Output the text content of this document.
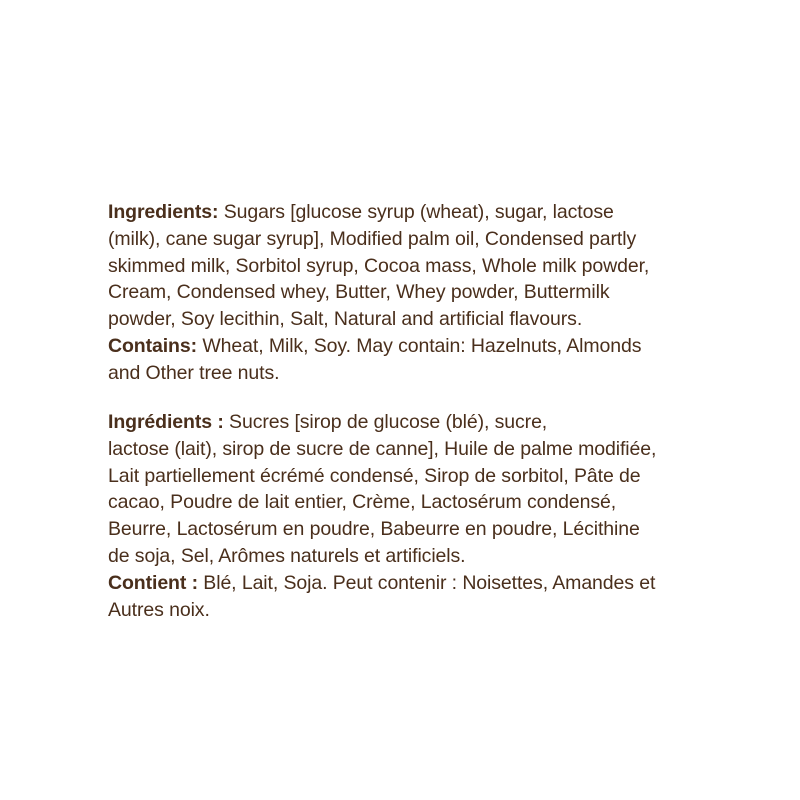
Ingredients: Sugars [glucose syrup (wheat), sugar, lactose
(milk), cane sugar syrup], Modified palm oil, Condensed partly
skimmed milk, Sorbitol syrup, Cocoa mass, Whole milk powder,
Cream, Condensed whey, Butter, Whey powder, Buttermilk
powder, Soy lecithin, Salt, Natural and artificial flavours.
Contains: Wheat, Milk, Soy. May contain: Hazelnuts, Almonds
and Other tree nuts.
Ingrédients : Sucres [sirop de glucose (blé), sucre,
lactose (lait), sirop de sucre de canne], Huile de palme modifiée,
Lait partiellement écrémé condensé, Sirop de sorbitol, Pâte de
cacao, Poudre de lait entier, Crème, Lactosérum condensé,
Beurre, Lactosérum en poudre, Babeurre en poudre, Lécithine
de soja, Sel, Arômes naturels et artificiels.
Contient : Blé, Lait, Soja. Peut contenir : Noisettes, Amandes et
Autres noix.
